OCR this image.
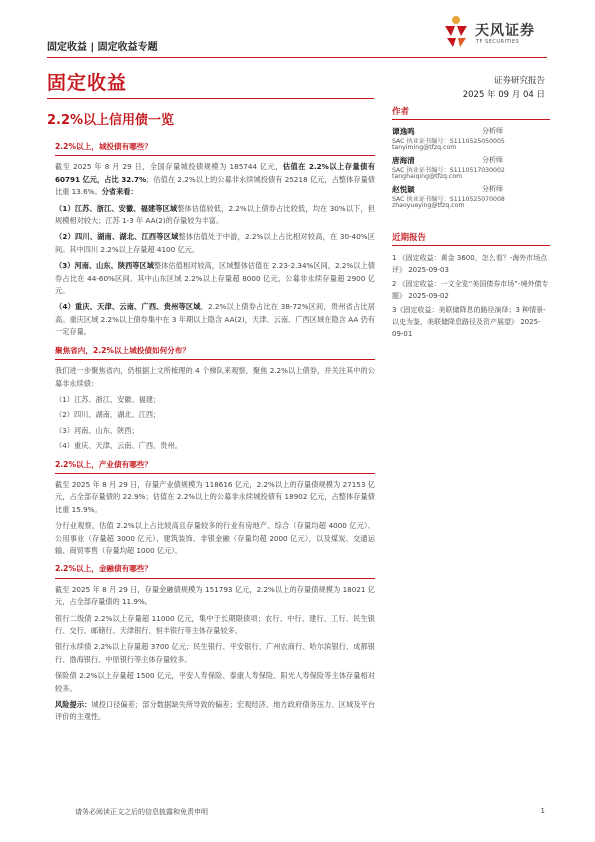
固定收益 | 固定收益专题
天风证券
TF SECURITIES
固定收益	证券研究报告
2025 年 09 月 04 日
2.2%以上信用债一览
2.2%以上，城投债有哪些？
截至 2025 年 8 月 29 日，全国存量城投债规模为 185744 亿元，估值在 2.2%以上存量债有 60791 亿元，占比 32.7%；估值在 2.2%以上的公募非永续城投债有 25218 亿元，占整体存量债比重 13.6%。分省来看：
（1）江苏、浙江、安徽、福建等区域整体估值较低，2.2%以上债券占比较低，均在 30%以下，但规模相对较大；江苏 1-3 年 AA(2)的存量较为丰富。
（2）四川、湖南、湖北、江西等区域整体估值处于中游，2.2%以上占比相对较高，在 30-40%区间。其中四川 2.2%以上存量超 4100 亿元。
（3）河南、山东、陕西等区域整体估值相对较高，区域整体估值在 2.23-2.34%区间，2.2%以上债券占比在 44-60%区间。其中山东区域 2.2%以上存量超 8000 亿元，公募非永续存量超 2900 亿元。
（4）重庆、天津、云南、广西、贵州等区域，2.2%以上债券占比在 38-72%区间，贵州省占比居高。重庆区域 2.2%以上债券集中在 3 年期以上隐含 AA(2)，天津、云南、广西区域在隐含 AA 仍有一定存量。
聚焦省内，2.2%以上城投债如何分布？
我们进一步聚焦省内，仍根据上文所梳理的 4 个梯队来观察，聚焦 2.2%以上债券，并关注其中的公募非永续债：
（1）江苏、浙江、安徽、福建；
（2）四川、湖南、湖北、江西；
（3）河南、山东、陕西；
（4）重庆、天津、云南、广西、贵州。
2.2%以上，产业债有哪些？
截至 2025 年 8 月 29 日，存量产业债规模为 118616 亿元，2.2%以上的存量债规模为 27153 亿元，占全部存量债的 22.9%；估值在 2.2%以上的公募非永续城投债有 18902 亿元，占整体存量债比重 15.9%。
分行业观察，估值 2.2%以上占比较高且存量较多的行业有房地产、综合（存量均超 4000 亿元）、公用事业（存量超 3000 亿元）、建筑装饰、非银金融（存量均超 2000 亿元），以及煤炭、交通运输、商贸零售（存量均超 1000 亿元）。
2.2%以上，金融债有哪些？
截至 2025 年 8 月 29 日，存量金融债规模为 151793 亿元，2.2%以上的存量债规模为 18021 亿元，占全部存量债的 11.9%。
银行二级债 2.2%以上存量超 11000 亿元，集中于长期限债项；农行、中行、建行、工行、民生银行、交行、邮储行、天津银行、恒丰银行等主体存量较多。
银行永续债 2.2%以上存量超 3700 亿元；民生银行、平安银行、广州农商行、哈尔滨银行、成都银行、渤海银行、中原银行等主体存量较多。
保险债 2.2%以上存量超 1500 亿元，平安人寿保险、泰康人寿保险、阳光人寿保险等主体存量相对较多。
风险提示：城投口径偏差；部分数据缺失所导致的偏差；宏观经济、地方政府债务压力、区域及平台评价的主观性。
作者
谭逸鸣	分析师
SAC 执业证书编号：S1110525050005
tanyiming@tfzq.com
唐海清	分析师
SAC 执业证书编号：S1110517030002
tanghaiqing@tfzq.com
赵悦颖	分析师
SAC 执业证书编号：S1110525070008
zhaoyueying@tfzq.com
近期报告
1 《固定收益：黄金 3600，怎么看？-海外市场点评》 2025-09-03
2 《固定收益：一文全览“美国债券市场”-境外债专题》 2025-09-02
3《固定收益：美联储降息的路径演绎；3 种情景-以史为鉴，美联储降息路径及资产展望》 2025-09-01
请务必阅读正文之后的信息披露和免责申明	1
